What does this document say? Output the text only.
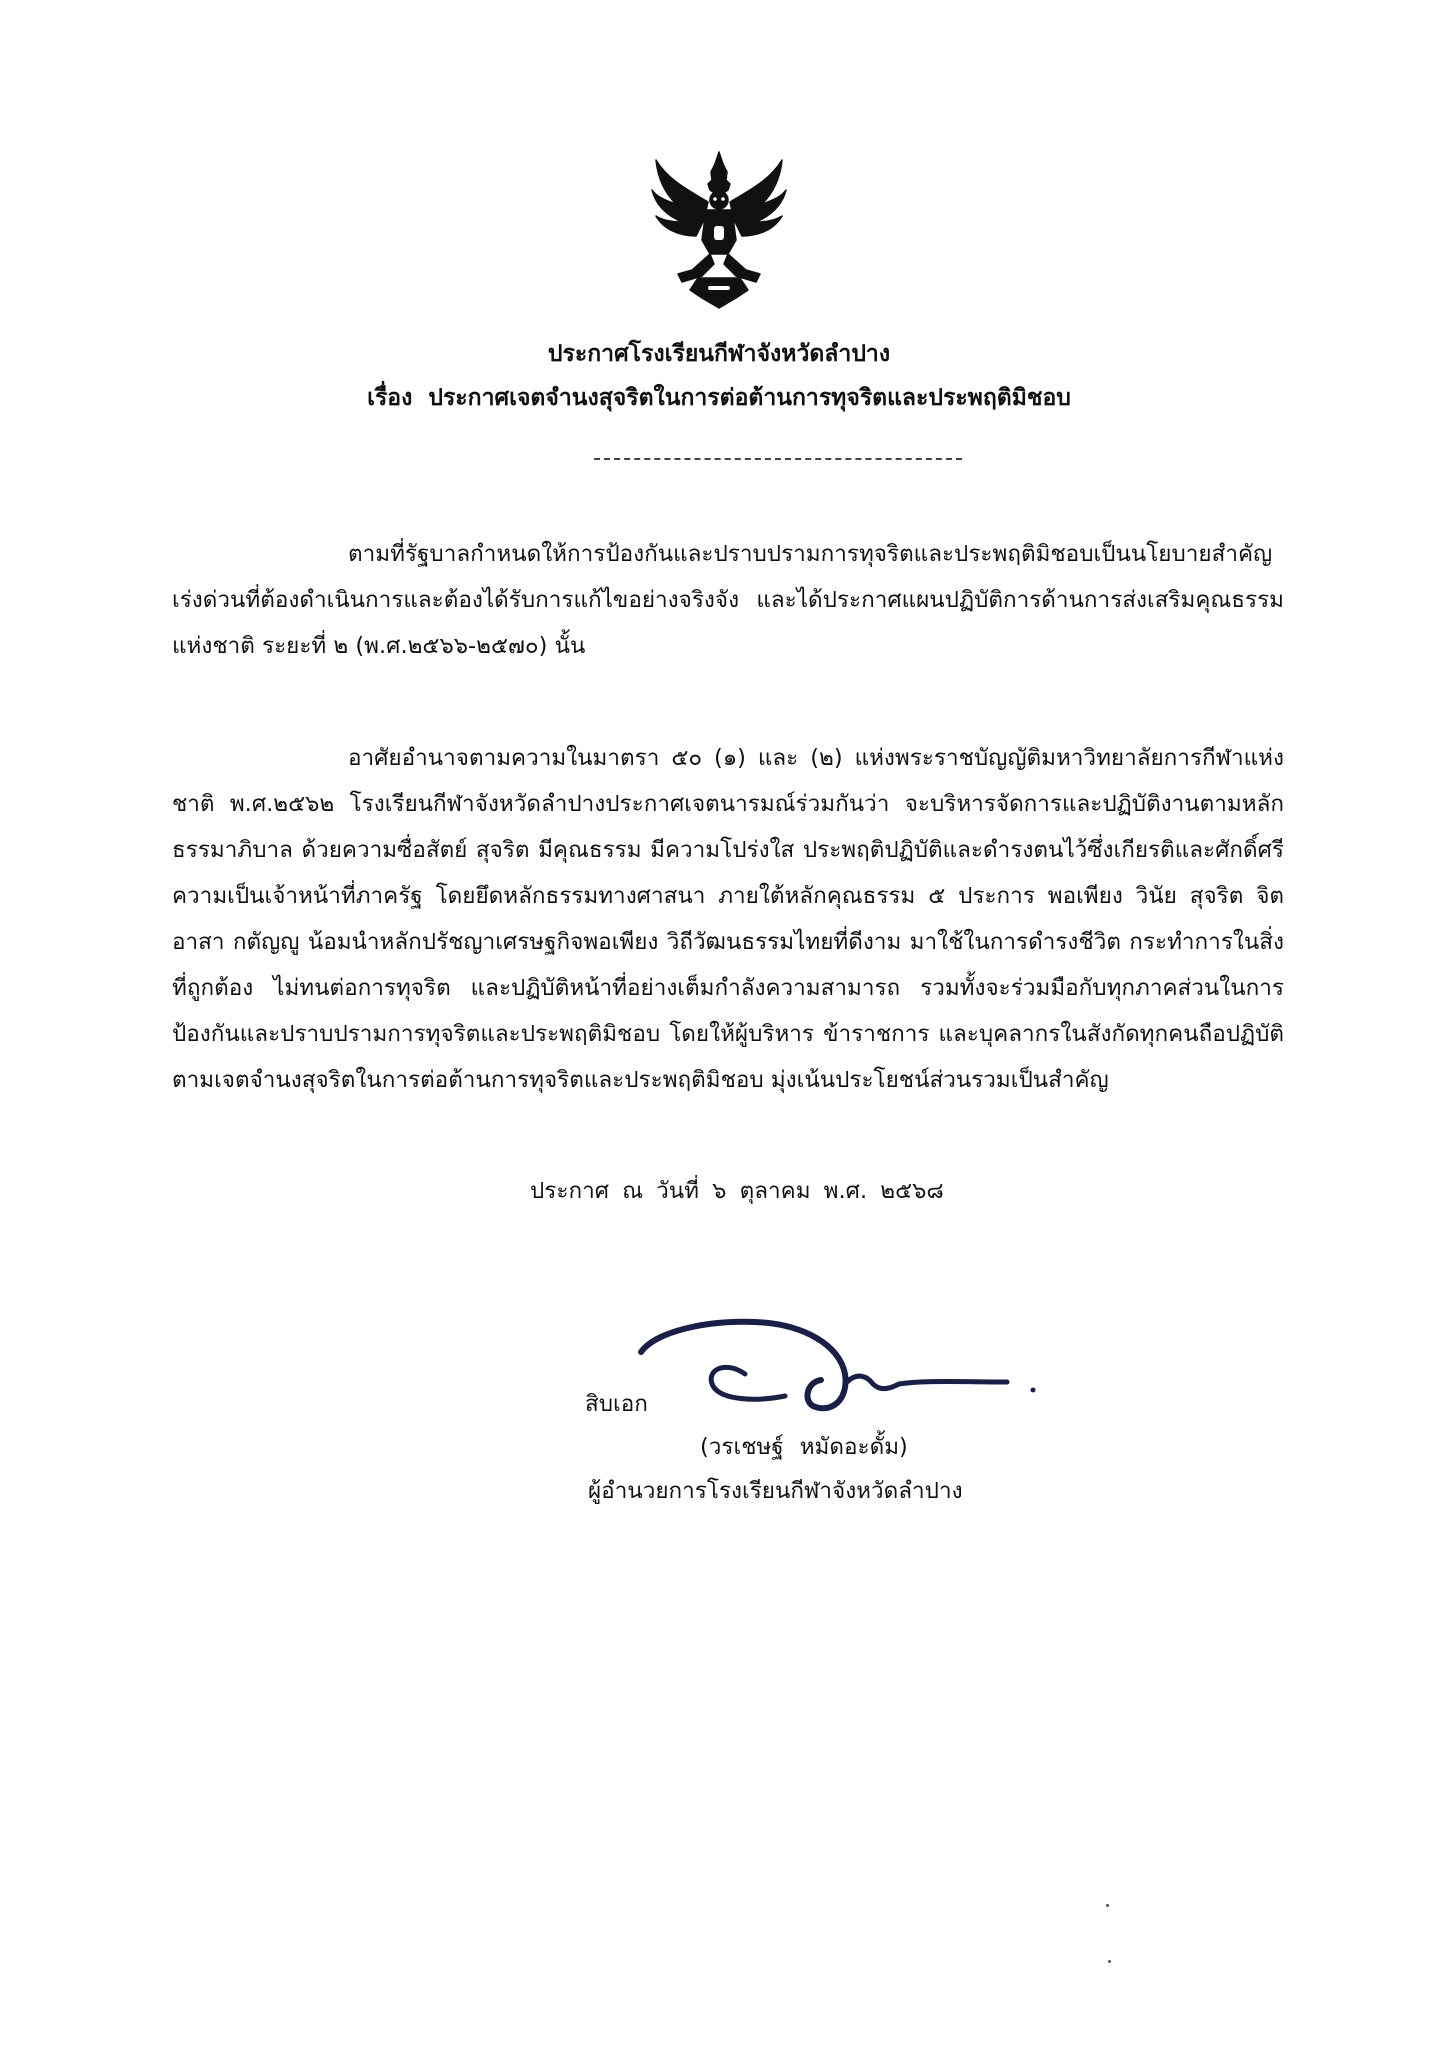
ประกาศโรงเรียนกีฬาจังหวัดลำปาง
เรื่อง ประกาศเจตจำนงสุจริตในการต่อต้านการทุจริตและประพฤติมิชอบ

ตามที่รัฐบาลกำหนดให้การป้องกันและปราบปรามการทุจริตและประพฤติมิชอบเป็นนโยบายสำคัญเร่งด่วนที่ต้องดำเนินการและต้องได้รับการแก้ไขอย่างจริงจัง และได้ประกาศแผนปฏิบัติการด้านการส่งเสริมคุณธรรมแห่งชาติ ระยะที่ ๒ (พ.ศ.๒๕๖๖-๒๕๗๐) นั้น

อาศัยอำนาจตามความในมาตรา ๕๐ (๑) และ (๒) แห่งพระราชบัญญัติมหาวิทยาลัยการกีฬาแห่งชาติ พ.ศ.๒๕๖๒ โรงเรียนกีฬาจังหวัดลำปางประกาศเจตนารมณ์ร่วมกันว่า จะบริหารจัดการและปฏิบัติงานตามหลักธรรมาภิบาล ด้วยความซื่อสัตย์ สุจริต มีคุณธรรม มีความโปร่งใส ประพฤติปฏิบัติและดำรงตนไว้ซึ่งเกียรติและศักดิ์ศรีความเป็นเจ้าหน้าที่ภาครัฐ โดยยึดหลักธรรมทางศาสนา ภายใต้หลักคุณธรรม ๕ ประการ พอเพียง วินัย สุจริต จิตอาสา กตัญญู น้อมนำหลักปรัชญาเศรษฐกิจพอเพียง วิถีวัฒนธรรมไทยที่ดีงาม มาใช้ในการดำรงชีวิต กระทำการในสิ่งที่ถูกต้อง ไม่ทนต่อการทุจริต และปฏิบัติหน้าที่อย่างเต็มกำลังความสามารถ รวมทั้งจะร่วมมือกับทุกภาคส่วนในการป้องกันและปราบปรามการทุจริตและประพฤติมิชอบ โดยให้ผู้บริหาร ข้าราชการ และบุคลากรในสังกัดทุกคนถือปฏิบัติตามเจตจำนงสุจริตในการต่อต้านการทุจริตและประพฤติมิชอบ มุ่งเน้นประโยชน์ส่วนรวมเป็นสำคัญ

ประกาศ ณ วันที่ ๖ ตุลาคม พ.ศ. ๒๕๖๘
สิบเอก
(วรเชษฐ์ หมัดอะดั้ม)
ผู้อำนวยการโรงเรียนกีฬาจังหวัดลำปาง
